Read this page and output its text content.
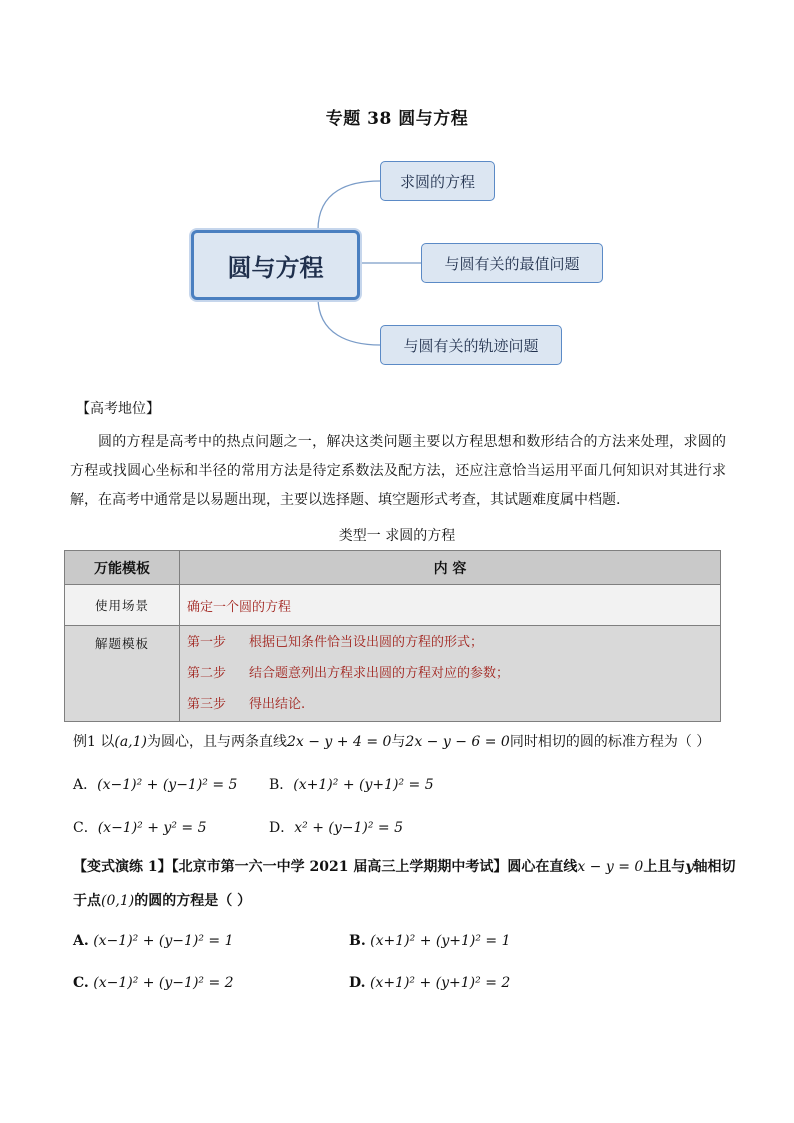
专题 38 圆与方程
圆与方程
求圆的方程
与圆有关的最值问题
与圆有关的轨迹问题
【高考地位】
圆的方程是高考中的热点问题之一，解决这类问题主要以方程思想和数形结合的方法来处理，求圆的方程或找圆心坐标和半径的常用方法是待定系数法及配方法，还应注意恰当运用平面几何知识对其进行求解，在高考中通常是以易题出现，主要以选择题、填空题形式考查，其试题难度属中档题.
类型一 求圆的方程
万能模板	内 容
使用场景	确定一个圆的方程
解题模板	第一步 根据已知条件恰当设出圆的方程的形式；
第二步 结合题意列出方程求出圆的方程对应的参数；
第三步 得出结论.
例1 以(a,1)为圆心，且与两条直线2x − y + 4 = 0与2x − y − 6 = 0同时相切的圆的标准方程为（ ）
A．(x−1)² + (y−1)² = 5 B．(x+1)² + (y+1)² = 5
C．(x−1)² + y² = 5	D．x² + (y−1)² = 5
【变式演练 1】【北京市第一六一中学 2021 届高三上学期期中考试】圆心在直线x − y = 0上且与y轴相切
于点(0,1)的圆的方程是（ ）
A. (x−1)² + (y−1)² = 1	B. (x+1)² + (y+1)² = 1
C. (x−1)² + (y−1)² = 2	D. (x+1)² + (y+1)² = 2
